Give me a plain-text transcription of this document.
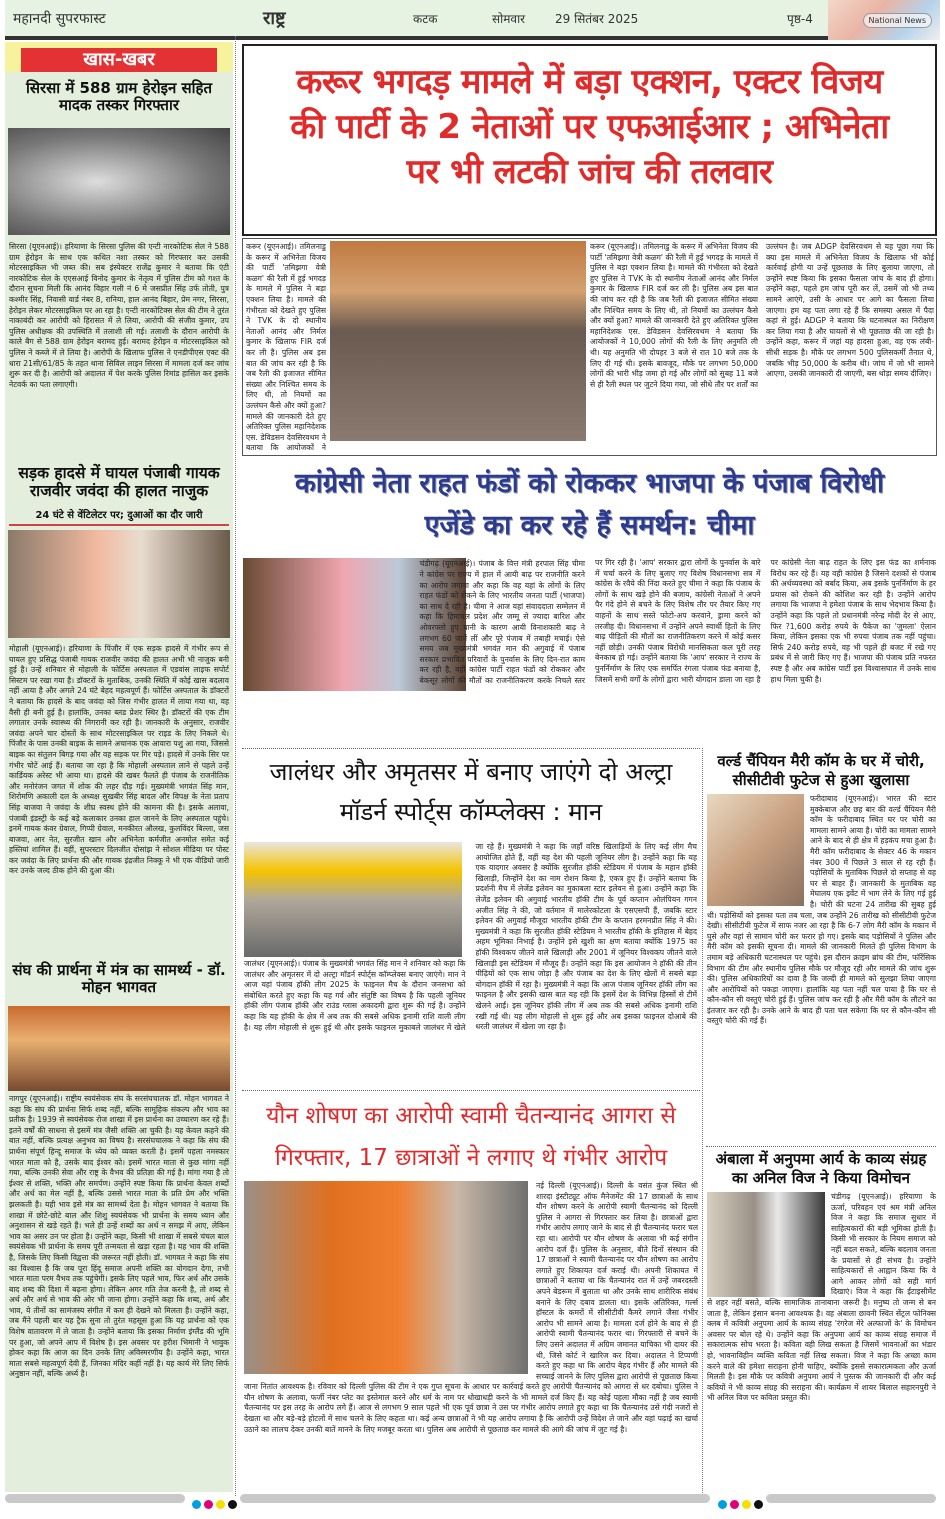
महानदी सुपरफास्ट	राष्ट्र	कटक	सोमवार 29 सितंबर 2025	पृष्ठ-4	National News
खास-खबर
सिरसा में 588 ग्राम हेरोइन सहित मादक तस्कर गिरफ्तार
सिरसा (यूएनआई)। हरियाणा के सिरसा पुलिस की एन्टी नारकोटिक सेल ने 588 ग्राम हेरोइन के साथ एक कथित नशा तस्कर को गिरफ्तार कर उसकी मोटरसाइकिल भी जब्त की। सब इंस्पेक्टर राजेंद्र कुमार ने बताया कि एंटी नारकोटिक सेल के एएसआई विनोद कुमार के नेतृत्व में पुलिस टीम को गश्त के दौरान सुचना मिली कि आनंद विहार गली नं 6 मे जसप्रीत सिंह उर्फ तोती, पुत्र कश्मीर सिंह, निवासी वार्ड नंबर 8, रानिया, हाल आनंद बिहार, प्रेम नगर, सिरसा, हेरोइन लेकर मोटरसाइकिल पर आ रहा है। एन्टी नारकोटिक्स सेल की टीम ने तुरंत नाकाबंदी कर आरोपी को हिरासत में ले लिया, आरोपी की संजीव कुमार, उप पुलिस अधीक्षक की उपस्थिति में तलाशी ली गई। तलाशी के दौरान आरोपी के काले बैग से 588 ग्राम हेरोइन बरामद हुई। बरामद हेरोइन व मोटरसाइकिल को पुलिस ने कब्जे में ले लिया है। आरोपी के खिलाफ पुलिस ने एनडीपीएस एक्ट की धारा 21सी/61/85 के तहत थाना सिविल लाइन सिरसा में मामला दर्ज कर जांच शुरू कर दी है। आरोपी को अदालत में पेश करके पुलिस रिमांड हासिल कर इसके नेटवर्क का पता लगाएगी।
सड़क हादसे में घायल पंजाबी गायक राजवीर जवंदा की हालत नाजुक
24 घंटे से वेंटिलेटर पर; दुआओं का दौर जारी
मोहाली (यूएनआई)। हरियाणा के पिंजौर में एक सड़क हादसे में गंभीर रूप से घायल हुए प्रसिद्ध पंजाबी गायक राजवीर जवंदा की हालत अभी भी नाजुक बनी हुई है। उन्हें शनिवार से मोहाली के फोर्टिस अस्पताल में एडवांस लाइफ सपोर्ट सिस्टम पर रखा गया है। डॉक्टरों के मुताबिक, उनकी स्थिति में कोई खास बदलाव नहीं आया है और अगले 24 घंटे बेहद महत्वपूर्ण हैं। फोर्टिस अस्पताल के डॉक्टरों ने बताया कि हादसे के बाद जवंदा को जिस गंभीर हालत में लाया गया था, वह वैसी ही बनी हुई है। हालांकि, उनका ब्लड प्रेशर स्थिर है। डॉक्टरों की एक टीम लगातार उनके स्वास्थ्य की निगरानी कर रही है। जानकारी के अनुसार, राजवीर जवंदा अपने चार दोस्तों के साथ मोटरसाइकिल पर राइड के लिए निकले थे। पिंजौर के पास उनकी बाइक के सामने अचानक एक आवारा पशु आ गया, जिससे बाइक का संतुलन बिगड़ गया और वह सड़क पर गिर पड़े। हादसे में उनके सिर पर गंभीर चोटें आई हैं। बताया जा रहा है कि मोहाली अस्पताल लाने से पहले उन्हें कार्डियक अरेस्ट भी आया था। हादसे की खबर फैलते ही पंजाब के राजनीतिक और मनोरंजन जगत में शोक की लहर दौड़ गई। मुख्यमंत्री भगवंत सिंह मान, शिरोमणि अकाली दल के अध्यक्ष सुखबीर सिंह बादल और विपक्ष के नेता प्रताप सिंह बाजवा ने जवंदा के शीघ्र स्वस्थ होने की कामना की है। इसके अलावा, पंजाबी इंडस्ट्री के कई बड़े कलाकार उनका हाल जानने के लिए अस्पताल पहुंचे। इनमें गायक कंवर ग्रेवाल, गिप्पी ग्रेवाल, मनकीरत औलख, कुलविंदर बिल्ला, जस बाजवा, आर नेत, सुरजीत खान और अभिनेता कर्मजीत अनमोल समेत कई हस्तियां शामिल हैं। वहीं, सुपरस्टार दिलजीत दोसांझ ने सोशल मीडिया पर पोस्ट कर जवंदा के लिए प्रार्थना की और गायक इंद्रजीत निक्कू ने भी एक वीडियो जारी कर उनके जल्द ठीक होने की दुआ की।
संघ की प्रार्थना में मंत्र का सामर्थ्य - डॉ. मोहन भागवत
नागपुर (यूएनआई)। राष्ट्रीय स्वयंसेवक संघ के सरसंघचालक डॉ. मोहन भागवत ने कहा कि संघ की प्रार्थना सिर्फ शब्द नहीं, बल्कि सामूहिक संकल्प और भाव का प्रतीक है। 1939 से स्वयंसेवक रोज शाखा में इस प्रार्थना का उच्चारण कर रहे हैं। इतने वर्षों की साधना से इसमें मंत्र जैसी शक्ति आ चुकी है। यह केवल कहने की बात नहीं, बल्कि प्रत्यक्ष अनुभव का विषय है। सरसंघचालक ने कहा कि संघ की प्रार्थना संपूर्ण हिन्दू समाज के ध्येय को व्यक्त करती है। इसमें पहला नमस्कार भारत माता को है, उसके बाद ईश्वर को। इसमें भारत माता से कुछ मांगा नहीं गया, बल्कि उनकी सेवा और राष्ट्र के वैभव की प्रतिज्ञा की गई है। मांगा गया है तो ईश्वर से शक्ति, भक्ति और समर्पण। उन्होंने स्पष्ट किया कि प्रार्थना केवल शब्दों और अर्थ का मेल नहीं है, बल्कि उससे भारत माता के प्रति प्रेम और भक्ति झलकती है। यही भाव इसे मंत्र का सामर्थ्य देता है। मोहन भागवत ने बताया कि शाखा में छोटे-छोटे बाल और शिशु स्वयंसेवक भी प्रार्थना के समय ध्यान और अनुशासन से खड़े रहते हैं। भले ही उन्हें शब्दों का अर्थ न समझ में आए, लेकिन भाव का असर उन पर होता है। उन्होंने कहा, किसी भी शाखा में सबसे चंचल बाल स्वयंसेवक भी प्रार्थना के समय पूरी तन्मयता से खड़ा रहता है। यह भाव की शक्ति है, जिसके लिए किसी विद्वत्ता की जरूरत नहीं होती। डॉ. भागवत ने कहा कि संघ का विश्वास है कि जब पूरा हिंदू समाज अपनी शक्ति का योगदान देगा, तभी भारत माता परम वैभव तक पहुंचेगी। इसके लिए पहले भाव, फिर अर्थ और उसके बाद शब्द की दिशा में बढ़ना होगा। लेकिन अगर गति तेज करनी है, तो शब्द से अर्थ और अर्थ से भाव की ओर भी जाना होगा। उन्होंने कहा कि शब्द, अर्थ और भाव, ये तीनों का सामंजस्य संगीत में कम ही देखने को मिलता है। उन्होंने कहा, जब मैंने पहली बार यह ट्रैक सुना तो तुरंत महसूस हुआ कि यह प्रार्थना को एक विशेष वातावरण में ले जाता है। उन्होंने बताया कि इसका निर्माण इंग्लैंड की भूमि पर हुआ, जो अपने आप में विशेष है। इस अवसर पर हरीश भिमानी ने भावुक होकर कहा कि आज का दिन उनके लिए अविस्मरणीय है। उन्होंने कहा, भारत माता सबसे महत्वपूर्ण देवी हैं, जिनका मंदिर कहीं नहीं है। यह कार्य मेरे लिए सिर्फ अनुष्ठान नहीं, बल्कि अर्ध्य है।
करूर भगदड़ मामले में बड़ा एक्शन, एक्टर विजय
की पार्टी के 2 नेताओं पर एफआईआर ; अभिनेता
पर भी लटकी जांच की तलवार
करूर (यूएनआई)। तमिलनाडु के करूर में अभिनेता विजय की पार्टी 'तमिझगा वेत्री कळग' की रैली में हुई भगदड़ के मामले में पुलिस ने बड़ा एक्शन लिया है। मामले की गंभीरता को देखते हुए पुलिस ने TVK के दो स्थानीय नेताओं आनंद और निर्मल कुमार के खिलाफ FIR दर्ज कर ली है। पुलिस अब इस बात की जांच कर रही है कि जब रैली की इजाजत सीमित संख्या और निश्चित समय के लिए थी, तो नियमों का उल्लंघन कैसे और क्यों हुआ? मामले की जानकारी देते हुए अतिरिक्त पुलिस महानिदेशक एस. डेविडसन देवसिरवथम ने बताया कि आयोजकों ने
करूर (यूएनआई)। तमिलनाडु के करूर में अभिनेता विजय की पार्टी 'तमिझगा वेत्री कळग' की रैली में हुई भगदड़ के मामले में पुलिस ने बड़ा एक्शन लिया है। मामले की गंभीरता को देखते हुए पुलिस ने TVK के दो स्थानीय नेताओं आनंद और निर्मल कुमार के खिलाफ FIR दर्ज कर ली है। पुलिस अब इस बात की जांच कर रही है कि जब रैली की इजाजत सीमित संख्या और निश्चित समय के लिए थी, तो नियमों का उल्लंघन कैसे और क्यों हुआ? मामले की जानकारी देते हुए अतिरिक्त पुलिस महानिदेशक एस. डेविडसन देवसिरवथम ने बताया कि आयोजकों ने 10,000 लोगों की रैली के लिए अनुमति ली थी। यह अनुमति भी दोपहर 3 बजे से रात 10 बजे तक के लिए दी गई थी। इसके बावजूद, मौके पर लगभग 50,000 लोगों की भारी भीड़ जमा हो गई और लोगों को सुबह 11 बजे से ही रैली स्थल पर जुटने दिया गया, जो सीधे तौर पर शर्तों का उल्लंघन है। जब ADGP देवसिरवथम से यह पूछा गया कि क्या इस मामले में अभिनेता विजय के खिलाफ भी कोई कार्रवाई होगी या उन्हें पूछताछ के लिए बुलाया जाएगा, तो उन्होंने स्पष्ट किया कि इसका फैसला जांच के बाद ही होगा। उन्होंने कहा, पहले हम जांच पूरी कर लें, उसमें जो भी तथ्य सामने आएंगे, उसी के आधार पर आगे का फैसला लिया जाएगा। हम यह पता लगा रहे हैं कि समस्या असल में पैदा कहां से हुई। ADGP ने बताया कि घटनास्थल का निरीक्षण कर लिया गया है और घायलों से भी पूछताछ की जा रही है। उन्होंने कहा, करूर में जहां यह हादसा हुआ, वह एक लंबी-सीधी सड़क है। मौके पर लगभग 500 पुलिसकर्मी तैनात थे, जबकि भीड़ 50,000 के करीब थी। जांच में जो भी सामने आएगा, उसकी जानकारी दी जाएगी, बस थोड़ा समय दीजिए।
कांग्रेसी नेता राहत फंडों को रोककर भाजपा के पंजाब विरोधी
एजेंडे का कर रहे हैं समर्थन: चीमा
चंडीगढ़ (यूएनआई)। पंजाब के वित्त मंत्री हरपाल सिंह चीमा ने कांग्रेस पर राज्य में हाल में आयी बाढ़ पर राजनीति करने का आरोप लगाया और कहा कि वह यहां के लोगों के लिए राहत फंडों को रोकने के लिए भारतीय जनता पार्टी (भाजपा) का साथ दे रही है। चीमा ने आज यहां संवाददाता सम्मेलन में कहा कि हिमाचल प्रदेश और जम्मू से ज्यादा बारिश और ओवरफ्लो हुए पानी के कारण आयी विनाशकारी बाढ़ ने लगभग 60 जानें लीं और पूरे पंजाब में तबाही मचाई। ऐसे समय जब मुख्यमंत्री भगवंत मान की अगुवाई में पंजाब सरकार प्रभावित परिवारों के पुनर्वास के लिए दिन-रात काम कर रही है, वहीं कांग्रेस पार्टी राहत फंडों को रोककर और बेकसूर लोगों की मौतों का राजनीतिकरण करके निचले स्तर पर गिर रही है। 'आप' सरकार द्वारा लोगों के पुनर्वास के बारे में चर्चा करने के लिए बुलाए गए विशेष विधानसभा सत्र में कांग्रेस के रवैये की निंदा करते हुए चीमा ने कहा कि पंजाब के लोगों के साथ खड़े होने की बजाय, कांग्रेसी नेताओं ने अपने पैर गंदे होने से बचने के लिए विशेष तौर पर तैयार किए गए वाहनों के साथ सस्ते फोटो-अप करवाने, ड्रामा करने को तरजीह दी। विधानसभा में उन्होंने अपने स्वार्थी हितों के लिए बाढ़ पीड़ितों की मौतों का राजनीतिकरण करने में कोई कसर नहीं छोड़ी। उनकी पंजाब विरोधी मानसिकता कल पूरी तरह बेनकाब हो गई। उन्होंने बताया कि 'आप' सरकार ने राज्य के पुनर्निर्माण के लिए एक समर्पित रंगला पंजाब फंड बनाया है, जिसमें सभी वर्गों के लोगों द्वारा भारी योगदान डाला जा रहा है पर कांग्रेसी नेता बाढ़ राहत के लिए इस फंड का शर्मनाक विरोध कर रहे हैं। यह वही कांग्रेस है जिसने दशकों से पंजाब की अर्थव्यवस्था को बर्बाद किया, अब इसके पुनर्निर्माण के हर प्रयास को रोकने की कोशिश कर रही है। उन्होंने आरोप लगाया कि भाजपा ने हमेशा पंजाब के साथ भेदभाव किया है। उन्होंने कहा कि पहले तो प्रधानमंत्री नरेन्द्र मोदी देर से आए, फिर ?1,600 करोड़ रुपये के पैकेज का 'जुमला' ऐलान किया, लेकिन इसका एक भी रुपया पंजाब तक नहीं पहुंचा। सिर्फ 240 करोड़ रुपये, वह भी पहले ही बजट में रखे गए प्रबंध में से जारी किए गए हैं। भाजपा की पंजाब प्रति नफरत स्पष्ट है और अब कांग्रेस पार्टी इस विश्वासघात में उनके साथ हाथ मिला चुकी है।
जालंधर और अमृतसर में बनाए जाएंगे दो अल्ट्रा
मॉडर्न स्पोर्ट्स कॉम्प्लेक्स : मान
जालंधर (यूएनआई)। पंजाब के मुख्यमंत्री भगवंत सिंह मान ने शनिवार को कहा कि जालंधर और अमृतसर में दो अल्ट्रा मॉडर्न स्पोर्ट्स कॉम्प्लेक्स बनाए जाएंगे। मान ने आज यहां पंजाब हॉकी लीग 2025 के फाइनल मैच के दौरान जनसभा को संबोधित करते हुए कहा कि यह गर्व और संतुष्टि का विषय है कि पहली जूनियर हॉकी लीग पंजाब हॉकी और राउंड ग्लास अकादमी द्वारा शुरू की गई है। उन्होंने कहा कि यह हॉकी के क्षेत्र में अब तक की सबसे अधिक इनामी राशि वाली लीग है। यह लीग मोहाली से शुरू हुई थी और इसके फाइनल मुकाबले जालंधर में खेले जा रहे हैं। मुख्यमंत्री ने कहा कि जहाँ वरिष्ठ खिलाड़ियों के लिए कई लीग मैच आयोजित होते हैं, वहीं यह देश की पहली जूनियर लीग है। उन्होंने कहा कि यह एक यादगार अवसर है क्योंकि सुरजीत हॉकी स्टेडियम में पंजाब के महान हॉकी खिलाड़ी, जिन्होंने देश का नाम रोशन किया है, एकत्र हुए हैं। उन्होंने बताया कि प्रदर्शनी मैच में लेजेंड इलेवन का मुकाबला स्टार इलेवन से हुआ। उन्होंने कहा कि लेजेंड इलेवन की अगुवाई भारतीय हॉकी टीम के पूर्व कप्तान ओलंपियन गगन अजीत सिंह ने की, जो वर्तमान में मालेरकोटला के एसएसपी हैं, जबकि स्टार इलेवन की अगुवाई मौजूदा भारतीय हॉकी टीम के कप्तान हरमनप्रीत सिंह ने की। मुख्यमंत्री ने कहा कि सुरजीत हॉकी स्टेडियम ने भारतीय हॉकी के इतिहास में बेहद अहम भूमिका निभाई है। उन्होंने इसे खुशी का क्षण बताया क्योंकि 1975 का हॉकी विश्वकप जीतने वाले खिलाड़ी और 2001 में जूनियर विश्वकप जीतने वाले खिलाड़ी इस स्टेडियम में मौजूद हैं। उन्होंने कहा कि इस आयोजन ने हॉकी की तीन पीढ़ियों को एक साथ जोड़ा है और पंजाब का देश के लिए खेलों में सबसे बड़ा योगदान हॉकी में रहा है। मुख्यमंत्री ने कहा कि आज पंजाब जूनियर हॉकी लीग का फाइनल है और इसकी खास बात यह रही कि इसमें देश के विभिन्न हिस्सों से टीमें खेलने आईं। इस जूनियर हॉकी लीग में अब तक की सबसे अधिक इनामी राशि रखी गई थी। यह लीग मोहाली से शुरू हुई और अब इसका फाइनल दोआबे की धरती जालंधर में खेला जा रहा है।
वर्ल्ड चैंपियन मैरी कॉम के घर में चोरी, सीसीटीवी फुटेज से हुआ खुलासा
फरीदाबाद (यूएनआई)। भारत की स्टार मुक्केबाज और छह बार की वर्ल्ड चैंपियन मैरी कॉम के फरीदाबाद स्थित घर पर चोरी का मामला सामने आया है। चोरी का मामला सामने आने के बाद से ही क्षेत्र में हड़कंप मचा हुआ है। मैरी कॉम फरीदाबाद के सेक्टर 46 के मकान नंबर 300 में पिछले 3 साल से रह रही हैं। पड़ोसियों के मुताबिक पिछले दो सप्ताह से वह घर से बाहर हैं। जानकारी के मुताबिक वह मेघालय एक इवेंट में भाग लेने के लिए गई हुई है। चोरी की घटना 24 तारीख की सुबह हुई थी। पड़ोसियों को इसका पता तब चला, जब उन्होंने 26 तारीख को सीसीटीवी फुटेज देखी। सीसीटीवी फुटेज में साफ नजर आ रहा है कि 6-7 लोग मैरी कॉम के मकान में घुसे और वहां से सामान चोरी कर फरार हो गए। इसके बाद पड़ोसियों ने पुलिस और मैरी कॉम को इसकी सूचना दी। मामले की जानकारी मिलते ही पुलिस विभाग के तमाम बड़े अधिकारी घटनास्थल पर पहुंचे। इस दौरान क्राइम ब्रांच की टीम, फॉरेंसिक विभाग की टीम और स्थानीय पुलिस मौके पर मौजूद रही और मामले की जांच शुरू की। पुलिस अधिकारियों का दावा है कि जल्दी ही मामले को सुलझा लिया जाएगा और आरोपियों को पकड़ा जाएगा। हालांकि यह पता नहीं चल पाया है कि घर से कौन-कौन सी वस्तुएं चोरी हुई हैं। पुलिस जांच कर रही है और मैरी कॉम के लौटने का इंतजार कर रही है। उनके आने के बाद ही पता चल सकेगा कि घर से कौन-कौन सी वस्तुएं चोरी की गई हैं।
यौन शोषण का आरोपी स्वामी चैतन्यानंद आगरा से
गिरफ्तार, 17 छात्राओं ने लगाए थे गंभीर आरोप
नई दिल्ली (यूएनआई)। दिल्ली के वसंत कुंज स्थित श्री शारदा इंस्टीट्यूट ऑफ मैनेजमेंट की 17 छात्राओं के साथ यौन शोषण करने के आरोपी स्वामी चैतन्यानंद को दिल्ली पुलिस ने आगरा से गिरफ्तार कर लिया है। छात्राओं द्वारा गंभीर आरोप लगाए जाने के बाद से ही चैतन्यानंद फरार चल रहा था। आरोपी पर यौन शोषण के अलावा भी कई संगीन आरोप दर्ज हैं। पुलिस के अनुसार, बीते दिनों संस्थान की 17 छात्राओं ने स्वामी चैतन्यानंद पर यौन शोषण का आरोप लगाते हुए शिकायत दर्ज कराई थी। अपनी शिकायत में छात्राओं ने बताया था कि चैतन्यानंद रात में उन्हें जबरदस्ती अपने बेडरूम में बुलाता था और उनके साथ शारीरिक संबंध बनाने के लिए दबाव डालता था। इसके अतिरिक्त, गर्ल्स हॉस्टल के कमरों में सीसीटीवी कैमरे लगाने जैसा गंभीर आरोप भी सामने आया है। मामला दर्ज होने के बाद से ही आरोपी स्वामी चैतन्यानंद फरार था। गिरफ्तारी से बचने के लिए उसने अदालत में अग्रिम जमानत याचिका भी दायर की थी, जिसे कोर्ट ने खारिज कर दिया। अदालत ने टिप्पणी करते हुए कहा था कि आरोप बेहद गंभीर हैं और मामले की सच्चाई जानने के लिए पुलिस द्वारा आरोपी से पूछताछ किया जाना नितांत आवश्यक है। रविवार को दिल्ली पुलिस की टीम ने एक गुप्त सूचना के आधार पर कार्रवाई करते हुए आरोपी चैतन्यानंद को आगरा से धर दबोचा। पुलिस ने यौन शोषण के अलावा, फर्जी नंबर प्लेट का इस्तेमाल करने और धर्म के नाम पर धोखाधड़ी करने के भी मामले दर्ज किए हैं। यह कोई पहला मौका नहीं है जब स्वामी चैतन्यानंद पर इस तरह के आरोप लगे हैं। आज से लगभग 9 साल पहले भी एक पूर्व छात्रा ने उस पर गंभीर आरोप लगाते हुए कहा था कि चैतन्यानंद उसे गंदी नजरों से देखता था और बड़े-बड़े होटलों में साथ चलने के लिए कहता था। कई अन्य छात्राओं ने भी यह आरोप लगाया है कि आरोपी उन्हें विदेश ले जाने और वहां पढ़ाई का खर्चा उठाने का लालच देकर उनकी बातें मानने के लिए मजबूर करता था। पुलिस अब आरोपी से पूछताछ कर मामले की आगे की जांच में जुट गई है।
अंबाला में अनुपमा आर्य के काव्य संग्रह का अनिल विज ने किया विमोचन
चंडीगढ़ (यूएनआई)। हरियाणा के ऊर्जा, परिवहन एवं श्रम मंत्री अनिल विज ने कहा कि समाज सुधार में साहित्यकारों की बड़ी भूमिका होती है। किसी भी सरकार के नियम समाज को नहीं बदल सकते, बल्कि बदलाव जनता के प्रयासों से ही संभव है। उन्होंने साहित्यकारों से आह्वान किया कि वे आगे आकर लोगों को सही मार्ग दिखाएं। विज ने कहा कि ईंटाइसीमेंट से शहर नहीं बसते, बल्कि सामाजिक तानाबाना जरूरी है। मनुष्य तो जन्म से बन जाता है, लेकिन इंसान बनना आवश्यक है। वह अंबाला छावनी स्थित सेंट्रल फोनिक्स क्लब में कवित्री अनुपमा आर्य के काव्य संग्रह 'रंगरेज मेरे अल्फाजों के' के विमोचन अवसर पर बोल रहे थे। उन्होंने कहा कि अनुपमा आर्य का काव्य संग्रह समाज में सकारात्मक सोच भरता है। कविता वही लिख सकता है जिसमें भावनाओं का भंडार हो, भावनाविहीन व्यक्ति कविता नहीं लिख सकता। विज ने कहा कि अच्छा काम करने वाले की हमेशा सराहना होनी चाहिए, क्योंकि इससे सकारात्मकता और ऊर्जा मिलती है। इस मौके पर कवित्री अनुपमा आर्य ने पुस्तक की जानकारी दी और कई कवियों ने भी काव्य संग्रह की सराहना की। कार्यक्रम में शायर बिलाल सहारनपुरी ने भी अनिल विज पर कविता प्रस्तुत की।
